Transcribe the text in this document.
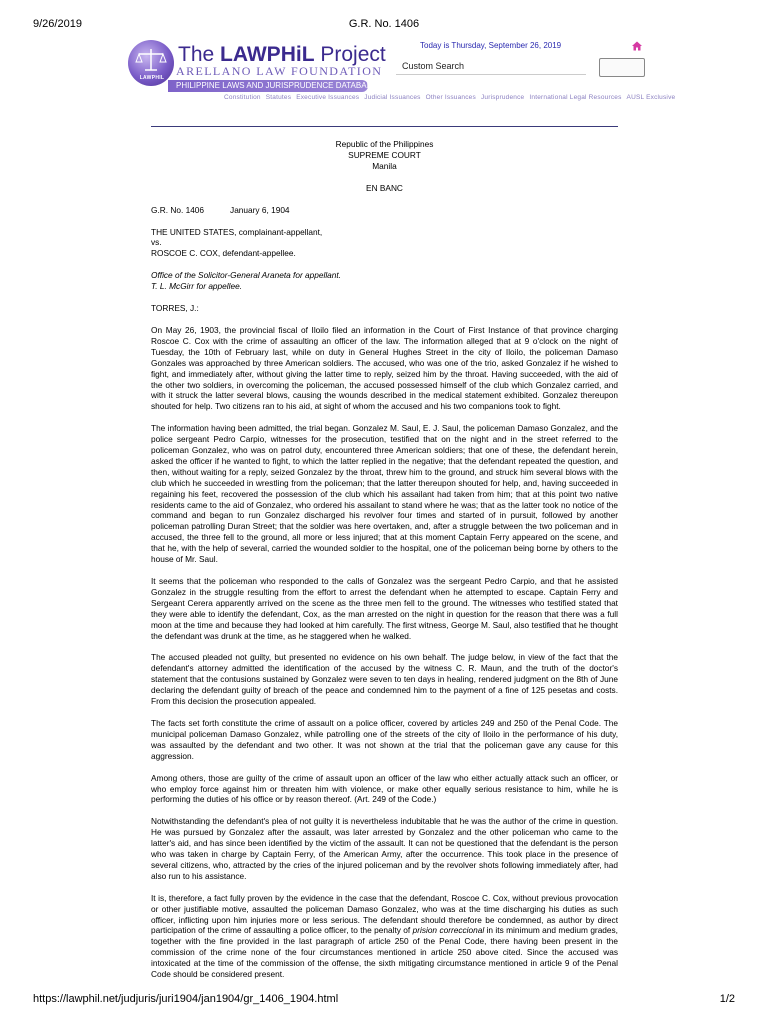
9/26/2019	G.R. No. 1406
LAWPHIL
The LAWPHiL Project
ARELLANO LAW FOUNDATION
PHILIPPINE LAWS AND JURISPRUDENCE DATABANK
Today is Thursday, September 26, 2019
Custom Search
Constitution Statutes Executive Issuances Judicial Issuances Other Issuances Jurisprudence International Legal Resources AUSL Exclusive
Republic of the Philippines
SUPREME COURT
Manila
EN BANC
G.R. No. 1406	January 6, 1904
THE UNITED STATES, complainant-appellant,
vs.
ROSCOE C. COX, defendant-appellee.
Office of the Solicitor-General Araneta for appellant.
T. L. McGirr for appellee.
TORRES, J.:

On May 26, 1903, the provincial fiscal of Iloilo filed an information in the Court of First Instance of that province charging Roscoe C. Cox with the crime of assaulting an officer of the law. The information alleged that at 9 o'clock on the night of Tuesday, the 10th of February last, while on duty in General Hughes Street in the city of Iloilo, the policeman Damaso Gonzales was approached by three American soldiers. The accused, who was one of the trio, asked Gonzalez if he wished to fight, and immediately after, without giving the latter time to reply, seized him by the throat. Having succeeded, with the aid of the other two soldiers, in overcoming the policeman, the accused possessed himself of the club which Gonzalez carried, and with it struck the latter several blows, causing the wounds described in the medical statement exhibited. Gonzalez thereupon shouted for help. Two citizens ran to his aid, at sight of whom the accused and his two companions took to fight.

The information having been admitted, the trial began. Gonzalez M. Saul, E. J. Saul, the policeman Damaso Gonzalez, and the police sergeant Pedro Carpio, witnesses for the prosecution, testified that on the night and in the street referred to the policeman Gonzalez, who was on patrol duty, encountered three American soldiers; that one of these, the defendant herein, asked the officer if he wanted to fight, to which the latter replied in the negative; that the defendant repeated the question, and then, without waiting for a reply, seized Gonzalez by the throat, threw him to the ground, and struck him several blows with the club which he succeeded in wrestling from the policeman; that the latter thereupon shouted for help, and, having succeeded in regaining his feet, recovered the possession of the club which his assailant had taken from him; that at this point two native residents came to the aid of Gonzalez, who ordered his assailant to stand where he was; that as the latter took no notice of the command and began to run Gonzalez discharged his revolver four times and started of in pursuit, followed by another policeman patrolling Duran Street; that the soldier was here overtaken, and, after a struggle between the two policeman and in accused, the three fell to the ground, all more or less injured; that at this moment Captain Ferry appeared on the scene, and that he, with the help of several, carried the wounded soldier to the hospital, one of the policeman being borne by others to the house of Mr. Saul.

It seems that the policeman who responded to the calls of Gonzalez was the sergeant Pedro Carpio, and that he assisted Gonzalez in the struggle resulting from the effort to arrest the defendant when he attempted to escape. Captain Ferry and Sergeant Cerera apparently arrived on the scene as the three men fell to the ground. The witnesses who testified stated that they were able to identify the defendant, Cox, as the man arrested on the night in question for the reason that there was a full moon at the time and because they had looked at him carefully. The first witness, George M. Saul, also testified that he thought the defendant was drunk at the time, as he staggered when he walked.

The accused pleaded not guilty, but presented no evidence on his own behalf. The judge below, in view of the fact that the defendant's attorney admitted the identification of the accused by the witness C. R. Maun, and the truth of the doctor's statement that the contusions sustained by Gonzalez were seven to ten days in healing, rendered judgment on the 8th of June declaring the defendant guilty of breach of the peace and condemned him to the payment of a fine of 125 pesetas and costs. From this decision the prosecution appealed.

The facts set forth constitute the crime of assault on a police officer, covered by articles 249 and 250 of the Penal Code. The municipal policeman Damaso Gonzalez, while patrolling one of the streets of the city of Iloilo in the performance of his duty, was assaulted by the defendant and two other. It was not shown at the trial that the policeman gave any cause for this aggression.

Among others, those are guilty of the crime of assault upon an officer of the law who either actually attack such an officer, or who employ force against him or threaten him with violence, or make other equally serious resistance to him, while he is performing the duties of his office or by reason thereof. (Art. 249 of the Code.)

Notwithstanding the defendant's plea of not guilty it is nevertheless indubitable that he was the author of the crime in question. He was pursued by Gonzalez after the assault, was later arrested by Gonzalez and the other policeman who came to the latter's aid, and has since been identified by the victim of the assault. It can not be questioned that the defendant is the person who was taken in charge by Captain Ferry, of the American Army, after the occurrence. This took place in the presence of several citizens, who, attracted by the cries of the injured policeman and by the revolver shots following immediately after, had also run to his assistance.

It is, therefore, a fact fully proven by the evidence in the case that the defendant, Roscoe C. Cox, without previous provocation or other justifiable motive, assaulted the policeman Damaso Gonzalez, who was at the time discharging his duties as such officer, inflicting upon him injuries more or less serious. The defendant should therefore be condemned, as author by direct participation of the crime of assaulting a police officer, to the penalty of prision correccional in its minimum and medium grades, together with the fine provided in the last paragraph of article 250 of the Penal Code, there having been present in the commission of the crime none of the four circumstances mentioned in article 250 above cited. Since the accused was intoxicated at the time of the commission of the offense, the sixth mitigating circumstance mentioned in article 9 of the Penal Code should be considered present.

https://lawphil.net/judjuris/juri1904/jan1904/gr_1406_1904.html	1/2
